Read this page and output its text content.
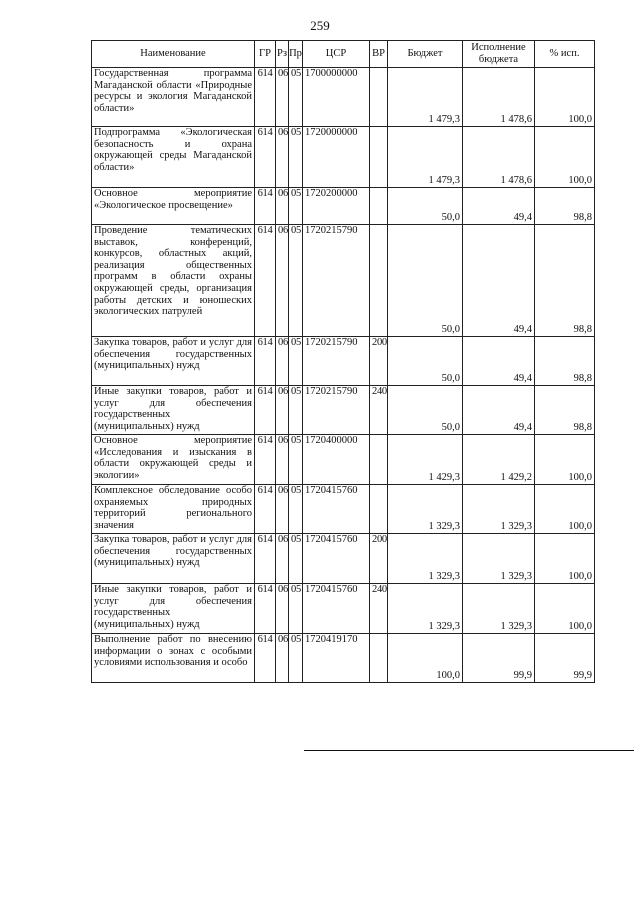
259
Наименование	ГР	Рз	Пр	ЦСР	ВР	Бюджет	Исполнение бюджета	% исп.
Государственная программа Магаданской области «Природные ресурсы и экология Магаданской области»	614	06	05	1700000000		1 479,3	1 478,6	100,0
Подпрограмма «Экологическая безопасность и охрана окружающей среды Магаданской области»	614	06	05	1720000000		1 479,3	1 478,6	100,0
Основное мероприятие «Экологическое просвещение»	614	06	05	1720200000		50,0	49,4	98,8
Проведение тематических выставок, конференций, конкурсов, областных акций, реализация общественных программ в области охраны окружающей среды, организация работы детских и юношеских экологических патрулей	614	06	05	1720215790		50,0	49,4	98,8
Закупка товаров, работ и услуг для обеспечения государственных (муниципальных) нужд	614	06	05	1720215790	200	50,0	49,4	98,8
Иные закупки товаров, работ и услуг для обеспечения государственных (муниципальных) нужд	614	06	05	1720215790	240	50,0	49,4	98,8
Основное мероприятие «Исследования и изыскания в области окружающей среды и экологии»	614	06	05	1720400000		1 429,3	1 429,2	100,0
Комплексное обследование особо охраняемых природных территорий регионального значения	614	06	05	1720415760		1 329,3	1 329,3	100,0
Закупка товаров, работ и услуг для обеспечения государственных (муниципальных) нужд	614	06	05	1720415760	200	1 329,3	1 329,3	100,0
Иные закупки товаров, работ и услуг для обеспечения государственных (муниципальных) нужд	614	06	05	1720415760	240	1 329,3	1 329,3	100,0
Выполнение работ по внесению информации о зонах с особыми условиями использования и особо	614	06	05	1720419170		100,0	99,9	99,9
